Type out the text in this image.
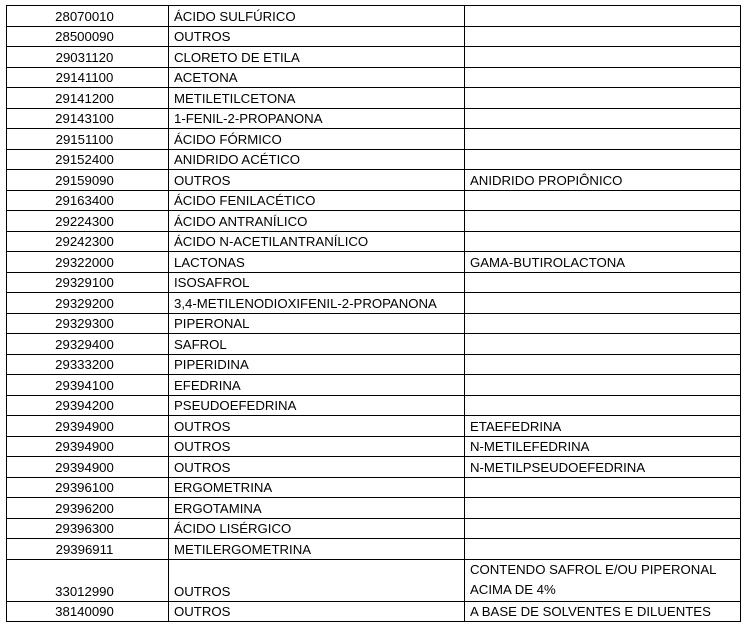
28070010	ÁCIDO SULFÚRICO	
28500090	OUTROS	
29031120	CLORETO DE ETILA	
29141100	ACETONA	
29141200	METILETILCETONA	
29143100	1-FENIL-2-PROPANONA	
29151100	ÁCIDO FÓRMICO	
29152400	ANIDRIDO ACÉTICO	
29159090	OUTROS	ANIDRIDO PROPIÔNICO
29163400	ÁCIDO FENILACÉTICO	
29224300	ÁCIDO ANTRANÍLICO	
29242300	ÁCIDO N-ACETILANTRANÍLICO	
29322000	LACTONAS	GAMA-BUTIROLACTONA
29329100	ISOSAFROL	
29329200	3,4-METILENODIOXIFENIL-2-PROPANONA	
29329300	PIPERONAL	
29329400	SAFROL	
29333200	PIPERIDINA	
29394100	EFEDRINA	
29394200	PSEUDOEFEDRINA	
29394900	OUTROS	ETAEFEDRINA
29394900	OUTROS	N-METILEFEDRINA
29394900	OUTROS	N-METILPSEUDOEFEDRINA
29396100	ERGOMETRINA	
29396200	ERGOTAMINA	
29396300	ÁCIDO LISÉRGICO	
29396911	METILERGOMETRINA	
33012990	OUTROS	CONTENDO SAFROL E/OU PIPERONAL ACIMA DE 4%
38140090	OUTROS	A BASE DE SOLVENTES E DILUENTES
